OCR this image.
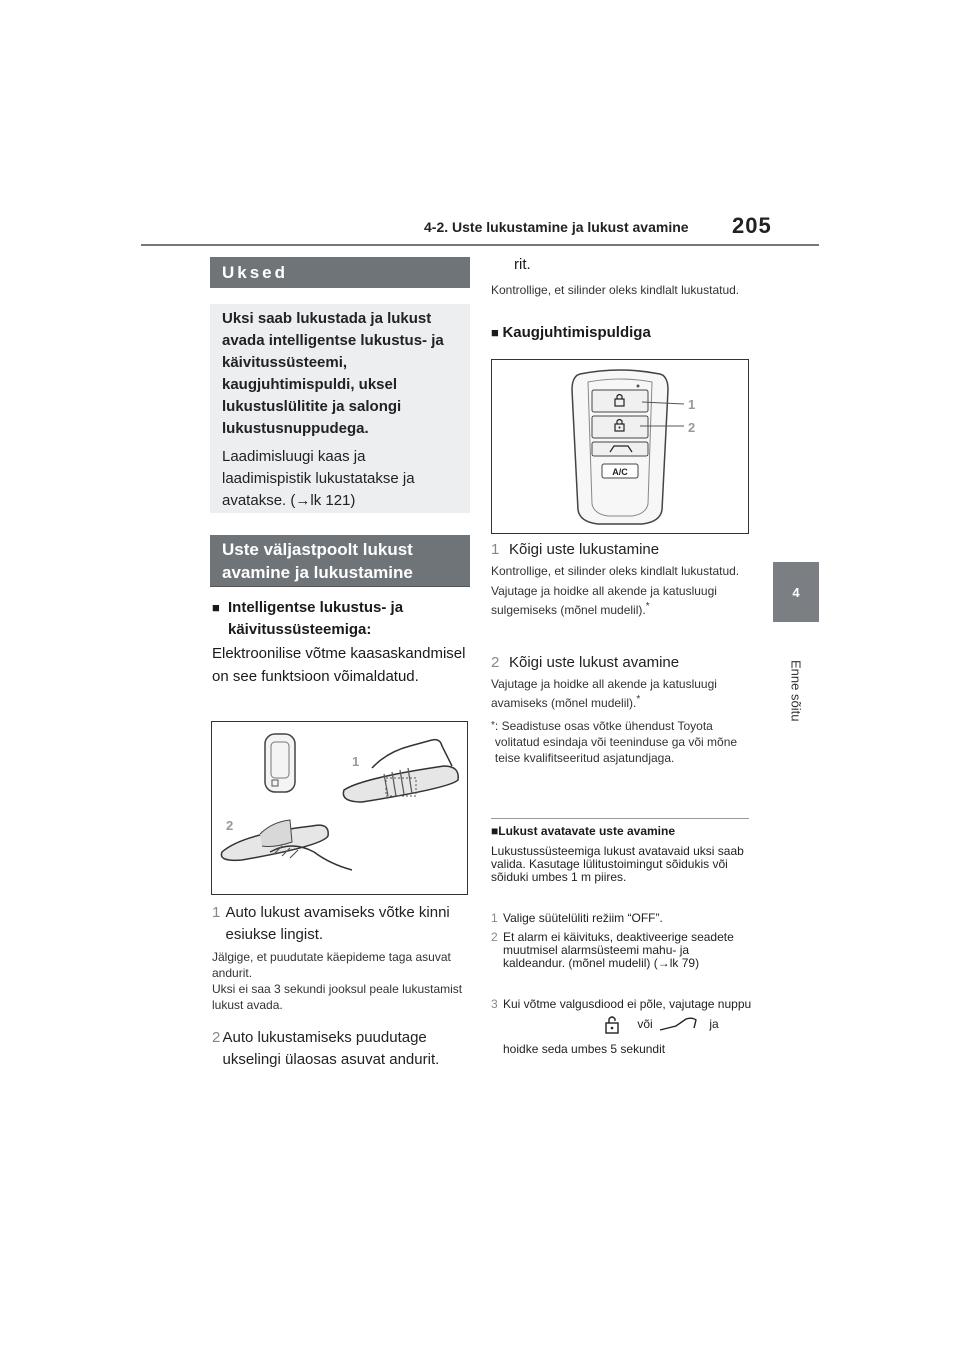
4-2. Uste lukustamine ja lukust avamine 205
4
Enne sõitu
Uksed
Uksi saab lukustada ja lukust avada intelligentse lukustus- ja käivitussüsteemi, kaugjuhtimispuldi, uksel lukustuslülitite ja salongi lukustusnuppudega.
Laadimisluugi kaas ja laadimispistik lukustatakse ja avatakse. (→lk 121)
Uste väljastpoolt lukust avamine ja lukustamine
■ Intelligentse lukustus- ja käivitussüsteemiga:
Elektroonilise võtme kaasaskandmisel on see funktsioon võimaldatud.
1
2
1 Auto lukust avamiseks võtke kinni esiukse lingist.
Jälgige, et puudutate käepideme taga asuvat andurit.
Uksi ei saa 3 sekundi jooksul peale lukustamist lukust avada.
2 Auto lukustamiseks puudutage ukselingi ülaosas asuvat andurit.
rit.
Kontrollige, et silinder oleks kindlalt lukustatud.
■ Kaugjuhtimispuldiga
A/C
1
2
1 Kõigi uste lukustamine
Kontrollige, et silinder oleks kindlalt lukustatud.
Vajutage ja hoidke all akende ja katusluugi sulgemiseks (mõnel mudelil).*
2 Kõigi uste lukust avamine
Vajutage ja hoidke all akende ja katusluugi avamiseks (mõnel mudelil).*
* : Seadistuse osas võtke ühendust Toyota volitatud esindaja või teeninduse ga või mõne teise kvalifitseeritud asjatundjaga.
■Lukust avatavate uste avamine
Lukustussüsteemiga lukust avatavaid uksi saab valida. Kasutage lülitustoimingut sõidukis või sõiduki umbes 1 m piires.
1 Valige süütelüliti režiim “OFF”.
2 Et alarm ei käivituks, deaktiveerige seadete muutmisel alarmsüsteemi mahu- ja kaldeandur. (mõnel mudelil) (→lk 79)
3 Kui võtme valgusdiood ei põle, vajutage nuppu
või	ja
hoidke seda umbes 5 sekundit
